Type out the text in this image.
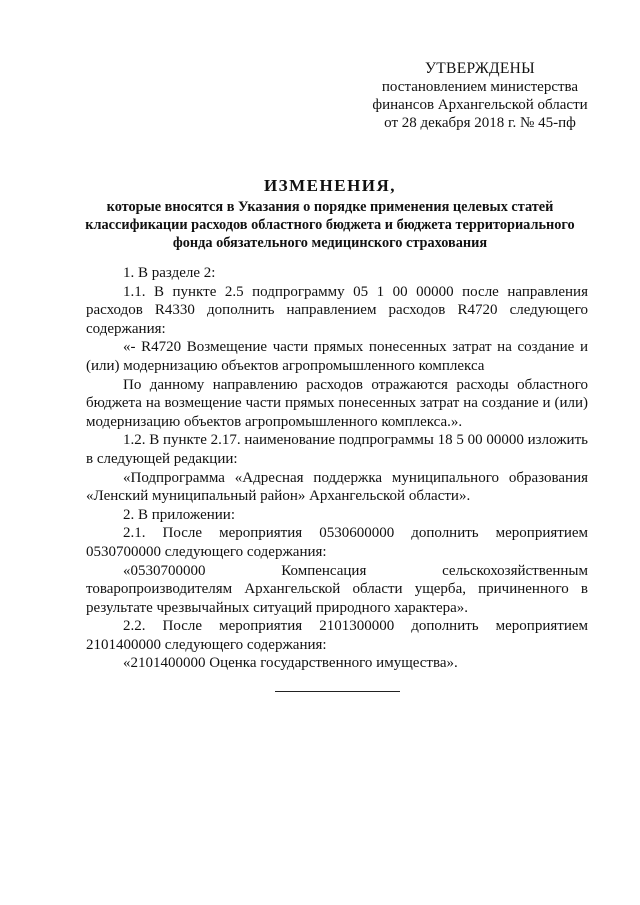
УТВЕРЖДЕНЫ
постановлением министерства
финансов Архангельской области
от 28 декабря 2018 г. № 45-пф
ИЗМЕНЕНИЯ,
которые вносятся в Указания о порядке применения целевых статей классификации расходов областного бюджета и бюджета территориального фонда обязательного медицинского страхования

1. В разделе 2:

1.1. В пункте 2.5 подпрограмму 05 1 00 00000 после направления расходов R4330 дополнить направлением расходов R4720 следующего содержания:

«- R4720 Возмещение части прямых понесенных затрат на создание и (или) модернизацию объектов агропромышленного комплекса

По данному направлению расходов отражаются расходы областного бюджета на возмещение части прямых понесенных затрат на создание и (или) модернизацию объектов агропромышленного комплекса.».

1.2. В пункте 2.17. наименование подпрограммы 18 5 00 00000 изложить в следующей редакции:

«Подпрограмма «Адресная поддержка муниципального образования «Ленский муниципальный район» Архангельской области».

2. В приложении:

2.1. После мероприятия 0530600000 дополнить мероприятием 0530700000 следующего содержания:

«0530700000 Компенсация сельскохозяйственным товаропроизводителям Архангельской области ущерба, причиненного в результате чрезвычайных ситуаций природного характера».

2.2. После мероприятия 2101300000 дополнить мероприятием 2101400000 следующего содержания:

«2101400000 Оценка государственного имущества».
